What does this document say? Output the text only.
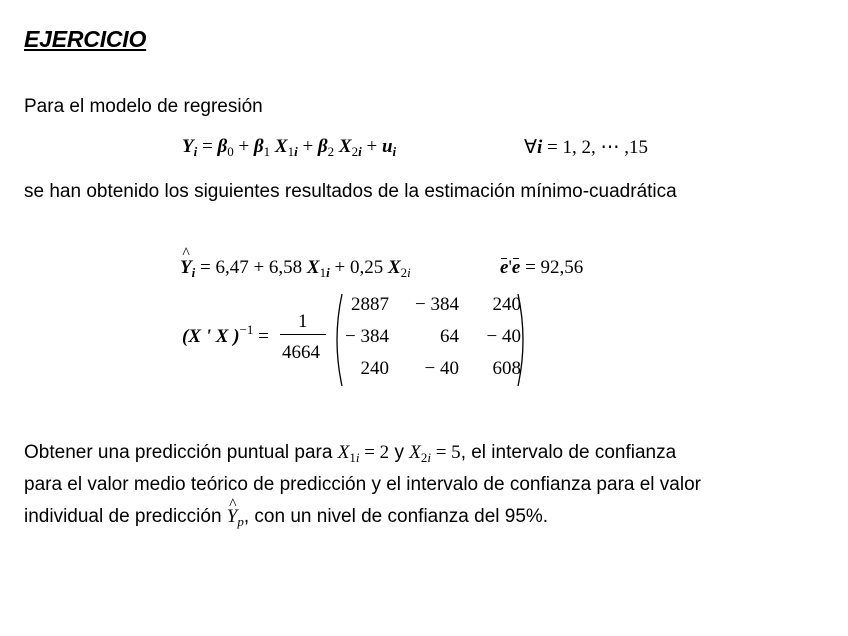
EJERCICIO
Para el modelo de regresión
$Y_i = \beta_0 + \beta_1$ $X_{1i} + \beta_2$ $X_{2i} + u_i$	∀i = 1, 2, ⋯ ,15
se han obtenido los siguientes resultados de la estimación mínimo-cuadrática
^ $Y_i = 6,47 + 6,58$ $X_{1i} + 0,25$ $X_{2i}$	e'e = 92,56
(X ' X )$^{-1}$ =
1
4664
2887	− 384	240
− 384	64	− 40
240	− 40	608
Obtener una predicción puntual para $X_{1i} = 2$ y $X_{2i} = 5$, el intervalo de confianza
para el valor medio teórico de predicción y el intervalo de confianza para el valor
individual de predicción ^ $Y_p$, con un nivel de confianza del 95%.
